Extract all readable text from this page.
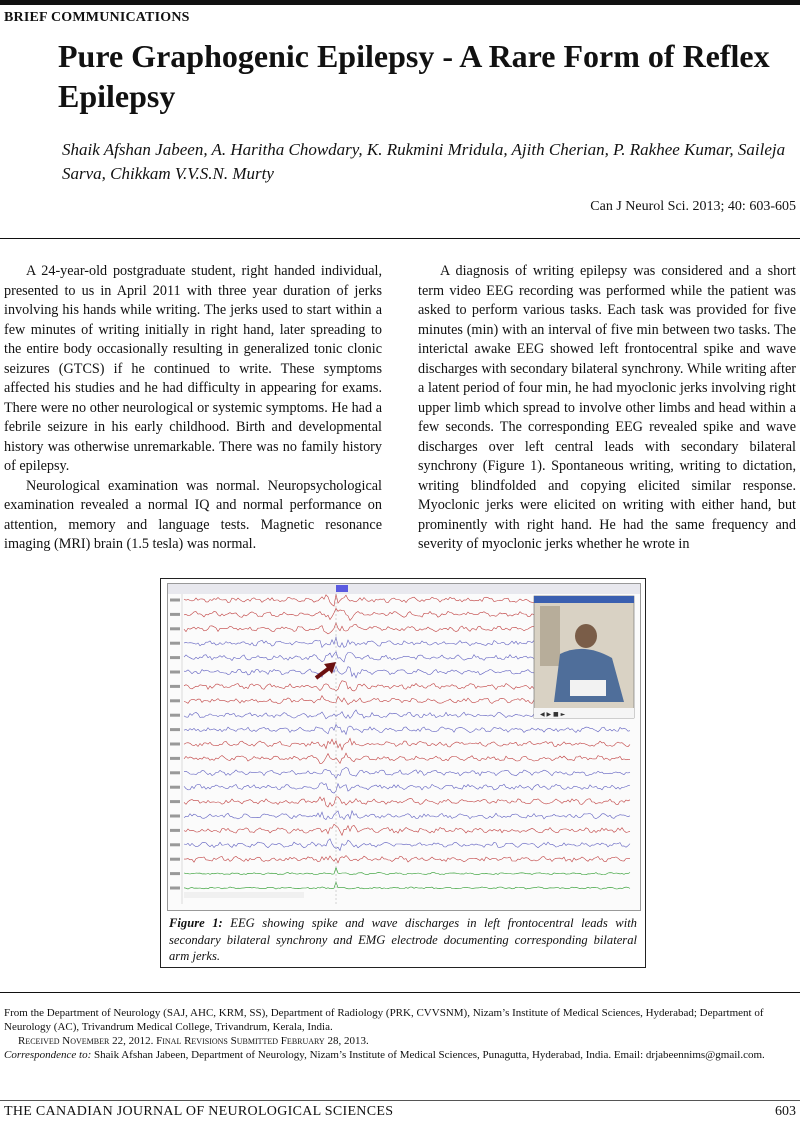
BRIEF COMMUNICATIONS
Pure Graphogenic Epilepsy - A Rare Form of Reflex Epilepsy
Shaik Afshan Jabeen, A. Haritha Chowdary, K. Rukmini Mridula, Ajith Cherian, P. Rakhee Kumar, Saileja Sarva, Chikkam V.V.S.N. Murty
Can J Neurol Sci. 2013; 40: 603-605

A 24-year-old postgraduate student, right handed individual, presented to us in April 2011 with three year duration of jerks involving his hands while writing. The jerks used to start within a few minutes of writing initially in right hand, later spreading to the entire body occasionally resulting in generalized tonic clonic seizures (GTCS) if he continued to write. These symptoms affected his studies and he had difficulty in appearing for exams. There were no other neurological or systemic symptoms. He had a febrile seizure in his early childhood. Birth and developmental history was otherwise unremarkable. There was no family history of epilepsy.

Neurological examination was normal. Neuropsychological examination revealed a normal IQ and normal performance on attention, memory and language tests. Magnetic resonance imaging (MRI) brain (1.5 tesla) was normal.

A diagnosis of writing epilepsy was considered and a short term video EEG recording was performed while the patient was asked to perform various tasks. Each task was provided for five minutes (min) with an interval of five min between two tasks. The interictal awake EEG showed left frontocentral spike and wave discharges with secondary bilateral synchrony. While writing after a latent period of four min, he had myoclonic jerks involving right upper limb which spread to involve other limbs and head within a few seconds. The corresponding EEG revealed spike and wave discharges over left central leads with secondary bilateral synchrony (Figure 1). Spontaneous writing, writing to dictation, writing blindfolded and copying elicited similar response. Myoclonic jerks were elicited on writing with either hand, but prominently with right hand. He had the same frequency and severity of myoclonic jerks whether he wrote in

◀ ▶ ■ ►
Figure 1: EEG showing spike and wave discharges in left frontocentral leads with secondary bilateral synchrony and EMG electrode documenting corresponding bilateral arm jerks.

From the Department of Neurology (SAJ, AHC, KRM, SS), Department of Radiology (PRK, CVVSNM), Nizam’s Institute of Medical Sciences, Hyderabad; Department of Neurology (AC), Trivandrum Medical College, Trivandrum, Kerala, India.

Received November 22, 2012. Final Revisions Submitted February 28, 2013.

Correspondence to: Shaik Afshan Jabeen, Department of Neurology, Nizam’s Institute of Medical Sciences, Punagutta, Hyderabad, India. Email: drjabeennims@gmail.com.

THE CANADIAN JOURNAL OF NEUROLOGICAL SCIENCES	603
